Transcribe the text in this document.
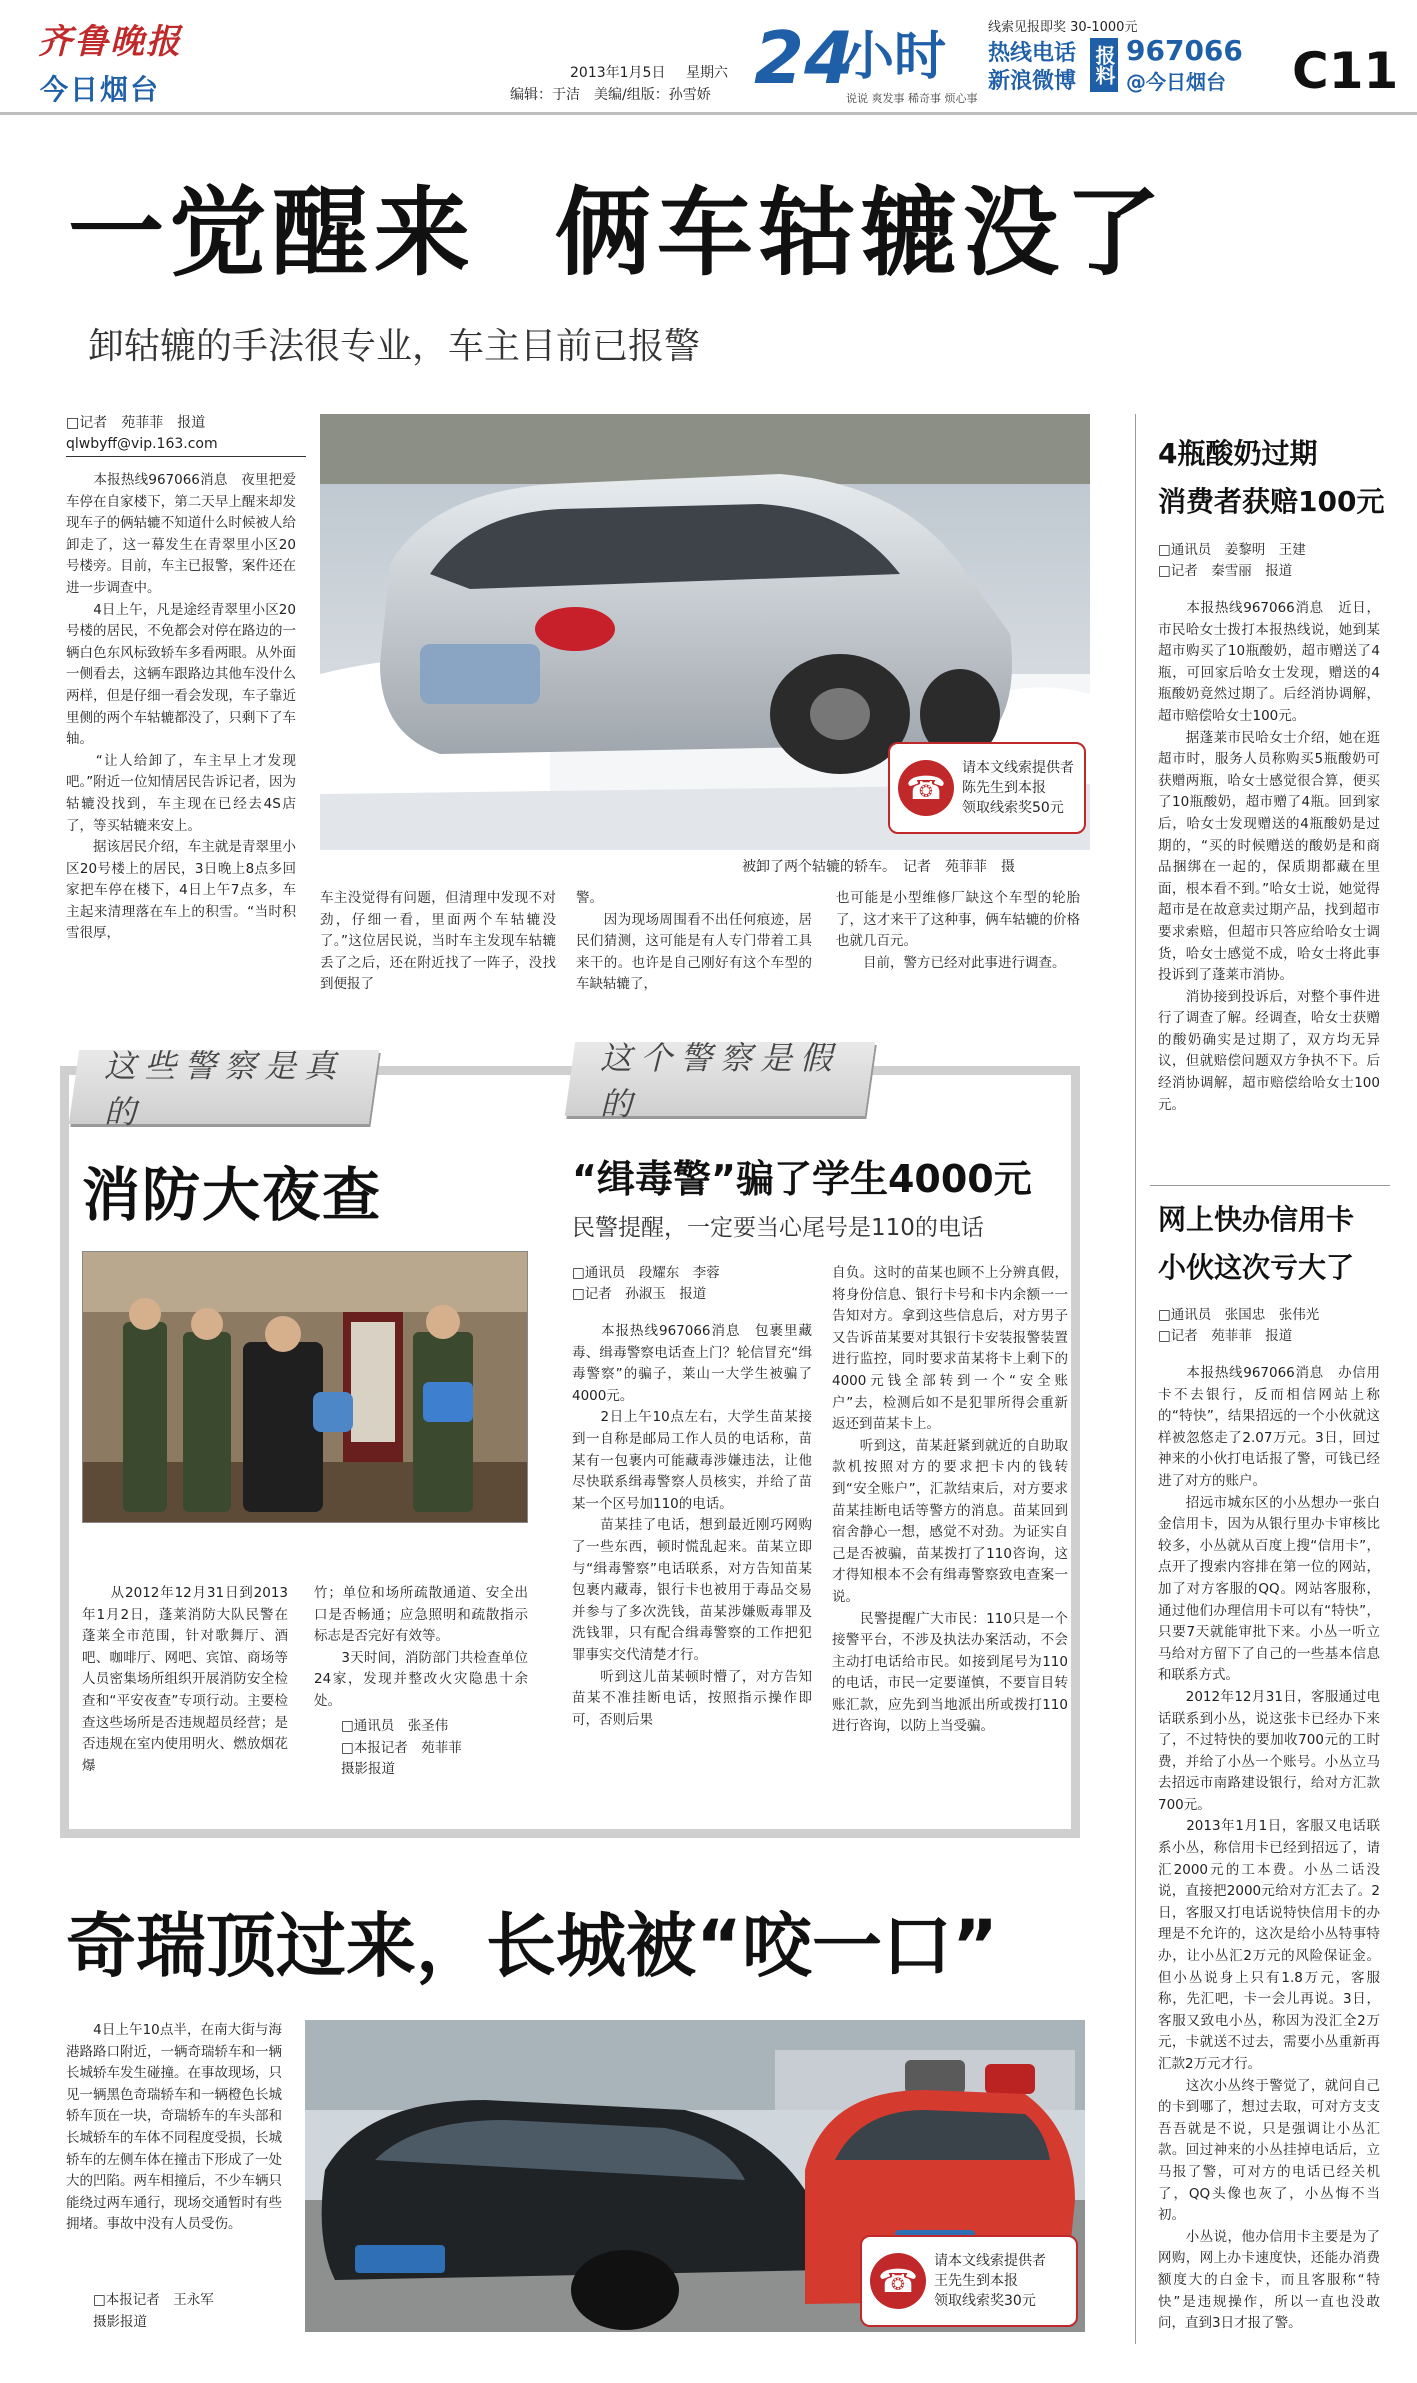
齐鲁晚报
今日烟台	2013年1月5日 星期六
编辑：于洁　美编/组版：孙雪娇 24
小时
说说 爽发事 稀奇事 烦心事
线索见报即奖 30-1000元
热线电话
新浪微博 报料 967066
@今日烟台 C11
一觉醒来  俩车轱辘没了
卸轱辘的手法很专业，车主目前已报警
□记者　苑菲菲　报道
qlwbyff@vip.163.com
　　本报热线967066消息　夜里把爱车停在自家楼下，第二天早上醒来却发现车子的俩轱辘不知道什么时候被人给卸走了，这一幕发生在青翠里小区20号楼旁。目前，车主已报警，案件还在进一步调查中。
　　4日上午，凡是途经青翠里小区20号楼的居民，不免都会对停在路边的一辆白色东风标致轿车多看两眼。从外面一侧看去，这辆车跟路边其他车没什么两样，但是仔细一看会发现，车子靠近里侧的两个车轱辘都没了，只剩下了车轴。
　　“让人给卸了，车主早上才发现吧。”附近一位知情居民告诉记者，因为轱辘没找到，车主现在已经去4S店了，等买轱辘来安上。
　　据该居民介绍，车主就是青翠里小区20号楼上的居民，3日晚上8点多回家把车停在楼下，4日上午7点多，车主起来清理落在车上的积雪。“当时积雪很厚，
被卸了两个轱辘的轿车。　记者　苑菲菲　摄
☎
请本文线索提供者
陈先生到本报
领取线索奖50元
车主没觉得有问题，但清理中发现不对劲，仔细一看，里面两个车轱辘没了。”这位居民说，当时车主发现车轱辘丢了之后，还在附近找了一阵子，没找到便报了
警。
　　因为现场周围看不出任何痕迹，居民们猜测，这可能是有人专门带着工具来干的。也许是自己刚好有这个车型的车缺轱辘了，
也可能是小型维修厂缺这个车型的轮胎了，这才来干了这种事，俩车轱辘的价格也就几百元。
　　目前，警方已经对此事进行调查。
这些警察是真的
这个警察是假的
消防大夜查
　　从2012年12月31日到2013年1月2日，蓬莱消防大队民警在蓬莱全市范围，针对歌舞厅、酒吧、咖啡厅、网吧、宾馆、商场等人员密集场所组织开展消防安全检查和“平安夜查”专项行动。主要检查这些场所是否违规超员经营；是否违规在室内使用明火、燃放烟花爆
竹；单位和场所疏散通道、安全出口是否畅通；应急照明和疏散指示标志是否完好有效等。
　　3天时间，消防部门共检查单位24家，发现并整改火灾隐患十余处。
　　□通讯员　张圣伟
　　□本报记者　苑菲菲
　　摄影报道
“缉毒警”骗了学生4000元
民警提醒，一定要当心尾号是110的电话
□通讯员　段耀东　李蓉
□记者　孙淑玉　报道
　　本报热线967066消息　包裹里藏毒、缉毒警察电话查上门？轮信冒充“缉毒警察”的骗子，莱山一大学生被骗了4000元。
　　2日上午10点左右，大学生苗某接到一自称是邮局工作人员的电话称，苗某有一包裹内可能藏毒涉嫌违法，让他尽快联系缉毒警察人员核实，并给了苗某一个区号加110的电话。
　　苗某挂了电话，想到最近刚巧网购了一些东西，顿时慌乱起来。苗某立即与“缉毒警察”电话联系，对方告知苗某包裹内藏毒，银行卡也被用于毒品交易并参与了多次洗钱，苗某涉嫌贩毒罪及洗钱罪，只有配合缉毒警察的工作把犯罪事实交代清楚才行。
　　听到这儿苗某顿时懵了，对方告知苗某不准挂断电话，按照指示操作即可，否则后果
自负。这时的苗某也顾不上分辨真假，将身份信息、银行卡号和卡内余额一一告知对方。拿到这些信息后，对方男子又告诉苗某要对其银行卡安装报警装置进行监控，同时要求苗某将卡上剩下的4000元钱全部转到一个“安全账户”去，检测后如不是犯罪所得会重新返还到苗某卡上。
　　听到这，苗某赶紧到就近的自助取款机按照对方的要求把卡内的钱转到“安全账户”，汇款结束后，对方要求苗某挂断电话等警方的消息。苗某回到宿舍静心一想，感觉不对劲。为证实自己是否被骗，苗某拨打了110咨询，这才得知根本不会有缉毒警察致电查案一说。
　　民警提醒广大市民：110只是一个接警平台，不涉及执法办案活动，不会主动打电话给市民。如接到尾号为110的电话，市民一定要谨慎，不要盲目转账汇款，应先到当地派出所或拨打110进行咨询，以防上当受骗。
奇瑞顶过来，长城被“咬一口”
　　4日上午10点半，在南大街与海港路路口附近，一辆奇瑞轿车和一辆长城轿车发生碰撞。在事故现场，只见一辆黑色奇瑞轿车和一辆橙色长城轿车顶在一块，奇瑞轿车的车头部和长城轿车的车体不同程度受损，长城轿车的左侧车体在撞击下形成了一处大的凹陷。两车相撞后，不少车辆只能绕过两车通行，现场交通暂时有些拥堵。事故中没有人员受伤。
　　□本报记者　王永军
　　摄影报道
☎
请本文线索提供者
王先生到本报
领取线索奖30元
4瓶酸奶过期
消费者获赔100元
□通讯员　姜黎明　王建
□记者　秦雪丽　报道
　　本报热线967066消息　近日，市民哈女士拨打本报热线说，她到某超市购买了10瓶酸奶，超市赠送了4瓶，可回家后哈女士发现，赠送的4瓶酸奶竟然过期了。后经消协调解，超市赔偿哈女士100元。
　　据蓬莱市民哈女士介绍，她在逛超市时，服务人员称购买5瓶酸奶可获赠两瓶，哈女士感觉很合算，便买了10瓶酸奶，超市赠了4瓶。回到家后，哈女士发现赠送的4瓶酸奶是过期的，“买的时候赠送的酸奶是和商品捆绑在一起的，保质期都藏在里面，根本看不到。”哈女士说，她觉得超市是在故意卖过期产品，找到超市要求索赔，但超市只答应给哈女士调货，哈女士感觉不成，哈女士将此事投诉到了蓬莱市消协。
　　消协接到投诉后，对整个事件进行了调查了解。经调查，哈女士获赠的酸奶确实是过期了，双方均无异议，但就赔偿问题双方争执不下。后经消协调解，超市赔偿给哈女士100元。
网上快办信用卡
小伙这次亏大了
□通讯员　张国忠　张伟光
□记者　苑菲菲　报道
　　本报热线967066消息　办信用卡不去银行，反而相信网站上称的“特快”，结果招远的一个小伙就这样被忽悠走了2.07万元。3日，回过神来的小伙打电话报了警，可钱已经进了对方的账户。
　　招远市城东区的小丛想办一张白金信用卡，因为从银行里办卡审核比较多，小丛就从百度上搜“信用卡”，点开了搜索内容排在第一位的网站，加了对方客服的QQ。网站客服称，通过他们办理信用卡可以有“特快”，只要7天就能审批下来。小丛一听立马给对方留下了自己的一些基本信息和联系方式。
　　2012年12月31日，客服通过电话联系到小丛，说这张卡已经办下来了，不过特快的要加收700元的工时费，并给了小丛一个账号。小丛立马去招远市南路建设银行，给对方汇款700元。
　　2013年1月1日，客服又电话联系小丛，称信用卡已经到招远了，请汇2000元的工本费。小丛二话没说，直接把2000元给对方汇去了。2日，客服又打电话说特快信用卡的办理是不允许的，这次是给小丛特事特办，让小丛汇2万元的风险保证金。但小丛说身上只有1.8万元，客服称，先汇吧，卡一会儿再说。3日，客服又致电小丛，称因为没汇全2万元，卡就送不过去，需要小丛重新再汇款2万元才行。
　　这次小丛终于警觉了，就问自己的卡到哪了，想过去取，可对方支支吾吾就是不说，只是强调让小丛汇款。回过神来的小丛挂掉电话后，立马报了警，可对方的电话已经关机了，QQ头像也灰了，小丛悔不当初。
　　小丛说，他办信用卡主要是为了网购，网上办卡速度快，还能办消费额度大的白金卡，而且客服称“特快”是违规操作，所以一直也没敢问，直到3日才报了警。
